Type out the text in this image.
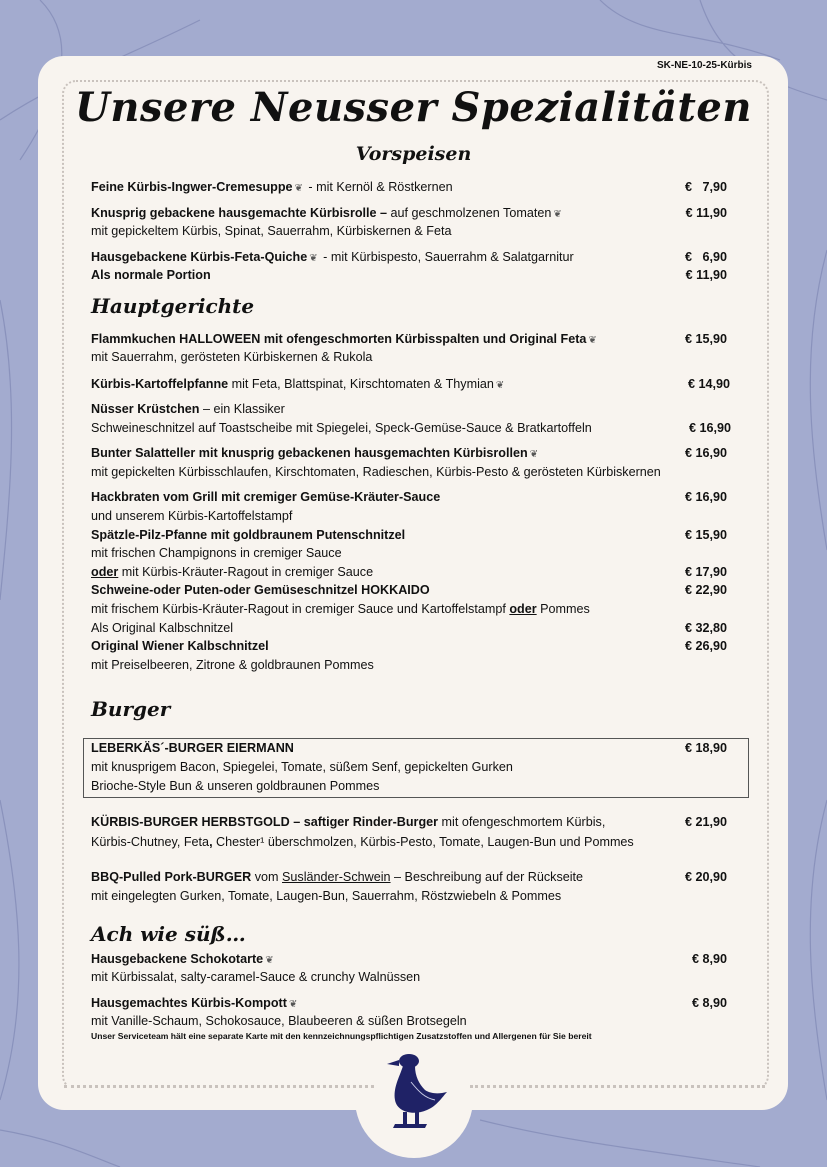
SK-NE-10-25-Kürbis
Unsere Neusser Spezialitäten
Vorspeisen
Hauptgerichte
Burger
Ach wie süß…
Feine Kürbis-Ingwer-Cremesuppe ❦ - mit Kernöl & Röstkernen	€   7,90
Knusprig gebackene hausgemachte Kürbisrolle – auf geschmolzenen Tomaten ❦	€ 11,90
mit gepickeltem Kürbis, Spinat, Sauerrahm, Kürbiskernen & Feta
Hausgebackene Kürbis-Feta-Quiche ❦ - mit Kürbispesto, Sauerrahm & Salatgarnitur	€   6,90
Als normale Portion	€ 11,90
Flammkuchen HALLOWEEN mit ofengeschmorten Kürbisspalten und Original Feta ❦	€ 15,90
mit Sauerrahm, gerösteten Kürbiskernen & Rukola
Kürbis-Kartoffelpfanne mit Feta, Blattspinat, Kirschtomaten & Thymian ❦	€ 14,90
Nüsser Krüstchen – ein Klassiker
Schweineschnitzel auf Toastscheibe mit Spiegelei, Speck-Gemüse-Sauce & Bratkartoffeln	€ 16,90
Bunter Salatteller mit knusprig gebackenen hausgemachten Kürbisrollen ❦	€ 16,90
mit gepickelten Kürbisschlaufen, Kirschtomaten, Radieschen, Kürbis-Pesto & gerösteten Kürbiskernen
Hackbraten vom Grill mit cremiger Gemüse-Kräuter-Sauce	€ 16,90
und unserem Kürbis-Kartoffelstampf
Spätzle-Pilz-Pfanne mit goldbraunem Putenschnitzel	€ 15,90
mit frischen Champignons in cremiger Sauce
oder mit Kürbis-Kräuter-Ragout in cremiger Sauce	€ 17,90
Schweine-oder Puten-oder Gemüseschnitzel HOKKAIDO	€ 22,90
mit frischem Kürbis-Kräuter-Ragout in cremiger Sauce und Kartoffelstampf oder Pommes
Als Original Kalbschnitzel	€ 32,80
Original Wiener Kalbschnitzel	€ 26,90
mit Preiselbeeren, Zitrone & goldbraunen Pommes
LEBERKÄS´-BURGER EIERMANN	€ 18,90
mit knusprigem Bacon, Spiegelei, Tomate, süßem Senf, gepickelten Gurken
Brioche-Style Bun & unseren goldbraunen Pommes
KÜRBIS-BURGER HERBSTGOLD – saftiger Rinder-Burger mit ofengeschmortem Kürbis,	€ 21,90
Kürbis-Chutney, Feta, Chester¹ überschmolzen, Kürbis-Pesto, Tomate, Laugen-Bun und Pommes
BBQ-Pulled Pork-BURGER vom Susländer-Schwein – Beschreibung auf der Rückseite	€ 20,90
mit eingelegten Gurken, Tomate, Laugen-Bun, Sauerrahm, Röstzwiebeln & Pommes
Hausgebackene Schokotarte ❦	€ 8,90
mit Kürbissalat, salty-caramel-Sauce & crunchy Walnüssen
Hausgemachtes Kürbis-Kompott ❦	€ 8,90
mit Vanille-Schaum, Schokosauce, Blaubeeren & süßen Brotsegeln
Unser Serviceteam hält eine separate Karte mit den kennzeichnungspflichtigen Zusatzstoffen und Allergenen für Sie bereit
